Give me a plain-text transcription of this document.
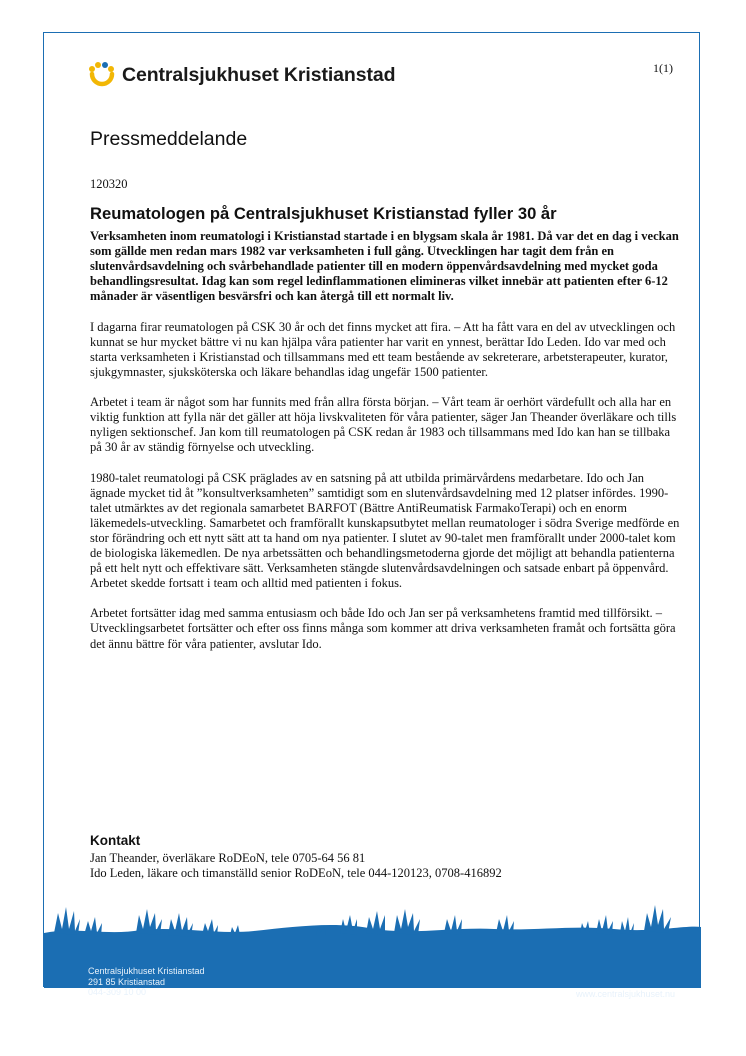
Centralsjukhuset Kristianstad	1(1)
Pressmeddelande
120320
Reumatologen på Centralsjukhuset Kristianstad fyller 30 år

Verksamheten inom reumatologi i Kristianstad startade i en blygsam skala år 1981. Då var det en dag i veckan som gällde men redan mars 1982 var verksamheten i full gång. Utvecklingen har tagit dem från en slutenvårdsavdelning och svårbehandlade patienter till en modern öppenvårdsavdelning med mycket goda behandlingsresultat. Idag kan som regel ledinflammationen elimineras vilket innebär att patienten efter 6-12 månader är väsentligen besvärsfri och kan återgå till ett normalt liv.

I dagarna firar reumatologen på CSK 30 år och det finns mycket att fira. – Att ha fått vara en del av utvecklingen och kunnat se hur mycket bättre vi nu kan hjälpa våra patienter har varit en ynnest, berättar Ido Leden. Ido var med och starta verksamheten i Kristianstad och tillsammans med ett team bestående av sekreterare, arbetsterapeuter, kurator, sjukgymnaster, sjuksköterska och läkare behandlas idag ungefär 1500 patienter.

Arbetet i team är något som har funnits med från allra första början. – Vårt team är oerhört värdefullt och alla har en viktig funktion att fylla när det gäller att höja livskvaliteten för våra patienter, säger Jan Theander överläkare och tills nyligen sektionschef. Jan kom till reumatologen på CSK redan år 1983 och tillsammans med Ido kan han se tillbaka på 30 år av ständig förnyelse och utveckling.

1980-talet reumatologi på CSK präglades av en satsning på att utbilda primärvårdens medarbetare. Ido och Jan ägnade mycket tid åt ”konsultverksamheten” samtidigt som en slutenvårdsavdelning med 12 platser infördes. 1990-talet utmärktes av det regionala samarbetet BARFOT (Bättre AntiReumatisk FarmakoTerapi) och en enorm läkemedels-utveckling. Samarbetet och framförallt kunskapsutbytet mellan reumatologer i södra Sverige medförde en stor förändring och ett nytt sätt att ta hand om nya patienter. I slutet av 90-talet men framförallt under 2000-talet kom de biologiska läkemedlen. De nya arbetssätten och behandlingsmetoderna gjorde det möjligt att behandla patienterna på ett helt nytt och effektivare sätt. Verksamheten stängde slutenvårdsavdelningen och satsade enbart på öppenvård. Arbetet skedde fortsatt i team och alltid med patienten i fokus.

Arbetet fortsätter idag med samma entusiasm och både Ido och Jan ser på verksamhetens framtid med tillförsikt. – Utvecklingsarbetet fortsätter och efter oss finns många som kommer att driva verksamheten framåt och fortsätta göra det ännu bättre för våra patienter, avslutar Ido.

Kontakt
Jan Theander, överläkare RoDEoN, tele 0705-64 56 81
Ido Leden, läkare och timanställd senior RoDEoN, tele 044-120123, 0708-416892
Centralsjukhuset Kristianstad
291 85 Kristianstad
044-309 10 00	www.centralsjukhuset.nu
